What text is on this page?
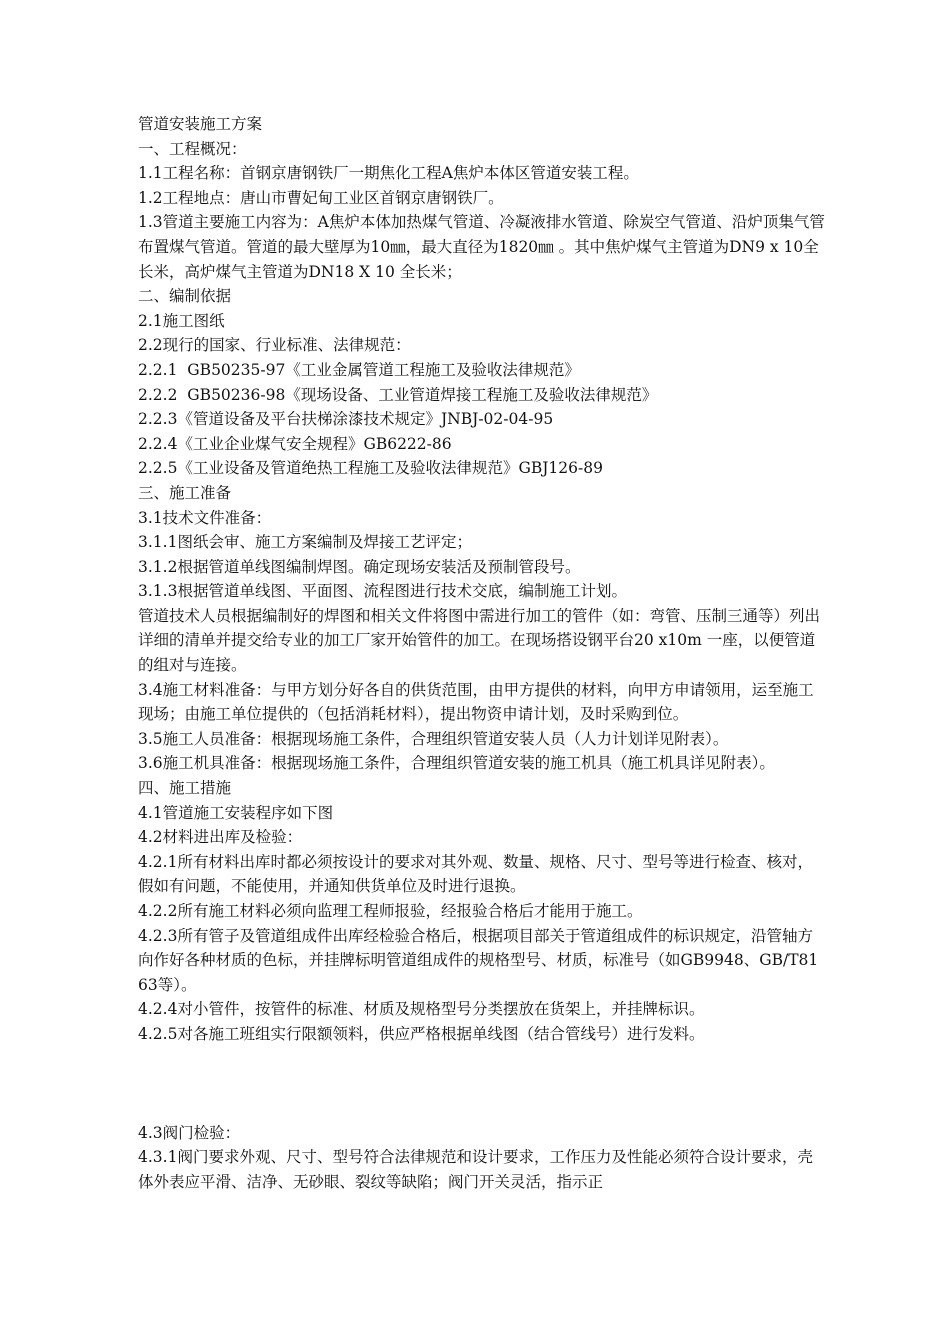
管道安装施工方案

一、工程概况：

1.1工程名称：首钢京唐钢铁厂一期焦化工程A焦炉本体区管道安装工程。

1.2工程地点：唐山市曹妃甸工业区首钢京唐钢铁厂。

1.3管道主要施工内容为：A焦炉本体加热煤气管道、冷凝液排水管道、除炭空气管道、沿炉顶集气管布置煤气管道。管道的最大壁厚为10㎜，最大直径为1820㎜ 。其中焦炉煤气主管道为DN9 x 10全长米，高炉煤气主管道为DN18 X 10 全长米；

二、编制依据

2.1施工图纸

2.2现行的国家、行业标准、法律规范：

2.2.1  GB50235-97《工业金属管道工程施工及验收法律规范》

2.2.2  GB50236-98《现场设备、工业管道焊接工程施工及验收法律规范》

2.2.3《管道设备及平台扶梯涂漆技术规定》JNBJ-02-04-95

2.2.4《工业企业煤气安全规程》GB6222-86

2.2.5《工业设备及管道绝热工程施工及验收法律规范》GBJ126-89

三、施工准备

3.1技术文件准备：

3.1.1图纸会审、施工方案编制及焊接工艺评定；

3.1.2根据管道单线图编制焊图。确定现场安装活及预制管段号。

3.1.3根据管道单线图、平面图、流程图进行技术交底，编制施工计划。

管道技术人员根据编制好的焊图和相关文件将图中需进行加工的管件（如：弯管、压制三通等）列出详细的清单并提交给专业的加工厂家开始管件的加工。在现场搭设钢平台20 x10m 一座，以便管道的组对与连接。

3.4施工材料准备：与甲方划分好各自的供货范围，由甲方提供的材料，向甲方申请领用，运至施工现场；由施工单位提供的（包括消耗材料），提出物资申请计划，及时采购到位。

3.5施工人员准备：根据现场施工条件，合理组织管道安装人员（人力计划详见附表）。

3.6施工机具准备：根据现场施工条件，合理组织管道安装的施工机具（施工机具详见附表）。

四、施工措施

4.1管道施工安装程序如下图

4.2材料进出库及检验：

4.2.1所有材料出库时都必须按设计的要求对其外观、数量、规格、尺寸、型号等进行检查、核对，假如有问题，不能使用，并通知供货单位及时进行退换。

4.2.2所有施工材料必须向监理工程师报验，经报验合格后才能用于施工。

4.2.3所有管子及管道组成件出库经检验合格后，根据项目部关于管道组成件的标识规定，沿管轴方向作好各种材质的色标，并挂牌标明管道组成件的规格型号、材质，标准号（如GB9948、GB/T8163等）。

4.2.4对小管件，按管件的标准、材质及规格型号分类摆放在货架上，并挂牌标识。

4.2.5对各施工班组实行限额领料，供应严格根据单线图（结合管线号）进行发料。

4.3阀门检验：

4.3.1阀门要求外观、尺寸、型号符合法律规范和设计要求，工作压力及性能必须符合设计要求，壳体外表应平滑、洁净、无砂眼、裂纹等缺陷；阀门开关灵活，指示正
